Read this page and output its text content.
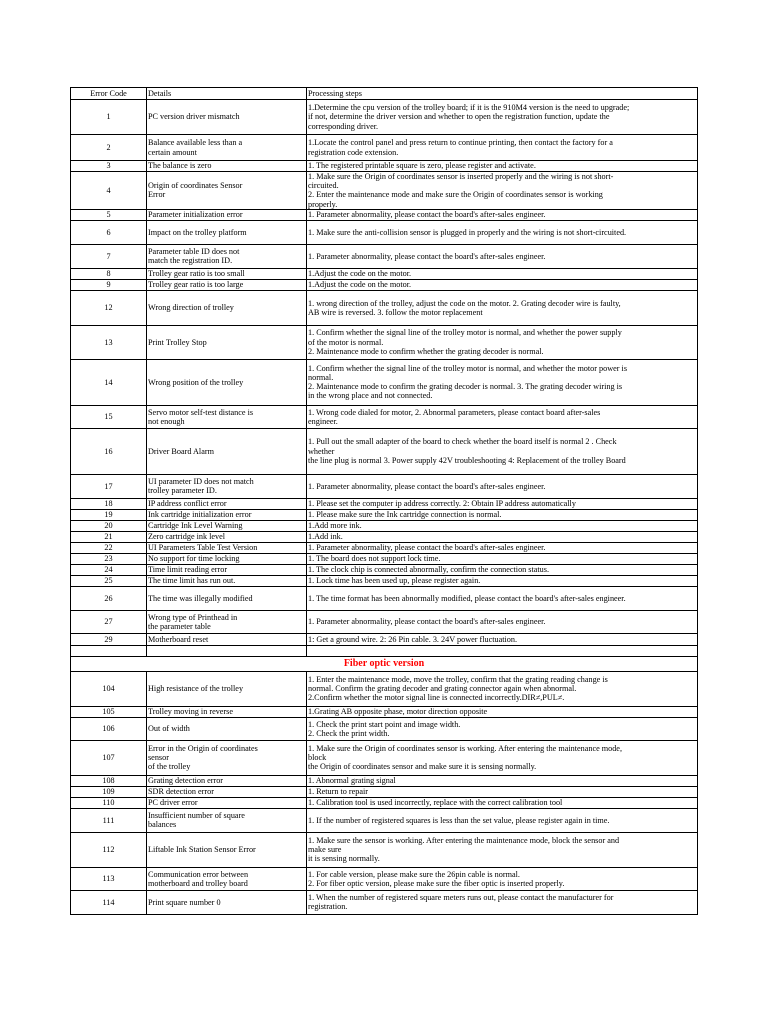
Error Code	Details	Processing steps
1	PC version driver mismatch	1.Determine the cpu version of the trolley board; if it is the 910M4 version is the need to upgrade;
if not, determine the driver version and whether to open the registration function, update the
corresponding driver.

2	Balance available less than a
certain amount	1.Locate the control panel and press return to continue printing, then contact the factory for a
registration code extension.

3	The balance is zero	1. The registered printable square is zero, please register and activate.

4	Origin of coordinates Sensor
Error	1. Make sure the Origin of coordinates sensor is inserted properly and the wiring is not short-
circuited.
2. Enter the maintenance mode and make sure the Origin of coordinates sensor is working
properly.

5	Parameter initialization error	1. Parameter abnormality, please contact the board's after-sales engineer.

6	Impact on the trolley platform	1. Make sure the anti-collision sensor is plugged in properly and the wiring is not short-circuited.

7	Parameter table ID does not
match the registration ID.	1. Parameter abnormality, please contact the board's after-sales engineer.

8	Trolley gear ratio is too small	1.Adjust the code on the motor.

9	Trolley gear ratio is too large	1.Adjust the code on the motor.

12	Wrong direction of trolley	1. wrong direction of the trolley, adjust the code on the motor. 2. Grating decoder wire is faulty,
AB wire is reversed. 3. follow the motor replacement

13	Print Trolley Stop	1. Confirm whether the signal line of the trolley motor is normal, and whether the power supply
of the motor is normal.
2. Maintenance mode to confirm whether the grating decoder is normal.

14	Wrong position of the trolley	1. Confirm whether the signal line of the trolley motor is normal, and whether the motor power is
normal.
2. Maintenance mode to confirm the grating decoder is normal. 3. The grating decoder wiring is
in the wrong place and not connected.

15	Servo motor self-test distance is
not enough	1. Wrong code dialed for motor, 2. Abnormal parameters, please contact board after-sales
engineer.

16	Driver Board Alarm	1. Pull out the small adapter of the board to check whether the board itself is normal 2 . Check
whether
the line plug is normal 3. Power supply 42V troubleshooting 4: Replacement of the trolley Board

17	UI parameter ID does not match
trolley parameter ID.	1. Parameter abnormality, please contact the board's after-sales engineer.

18	IP address conflict error	1. Please set the computer ip address correctly. 2: Obtain IP address automatically

19	Ink cartridge initialization error	1. Please make sure the Ink cartridge connection is normal.

20	Cartridge Ink Level Warning	1.Add more ink.

21	Zero cartridge ink level	1.Add ink.

22	UI Parameters Table Test Version	1. Parameter abnormality, please contact the board's after-sales engineer.

23	No support for time locking	1. The board does not support lock time.

24	Time limit reading error	1. The clock chip is connected abnormally, confirm the connection status.

25	The time limit has run out.	1. Lock time has been used up, please register again.

26	The time was illegally modified	1. The time format has been abnormally modified, please contact the board's after-sales engineer.

27	Wrong type of Printhead in
the parameter table	1. Parameter abnormality, please contact the board's after-sales engineer.

29	Motherboard reset	1: Get a ground wire. 2: 26 Pin cable. 3. 24V power fluctuation.

Fiber optic version		
104	High resistance of the trolley	1. Enter the maintenance mode, move the trolley, confirm that the grating reading change is
normal. Confirm the grating decoder and grating connector again when abnormal.
2.Confirm whether the motor signal line is connected incorrectly.DIR≠,PUL≠.

105	Trolley moving in reverse	1.Grating AB opposite phase, motor direction opposite

106	Out of width	1. Check the print start point and image width.
2. Check the print width.

107	Error in the Origin of coordinates
sensor
of the trolley	1. Make sure the Origin of coordinates sensor is working. After entering the maintenance mode,
block
the Origin of coordinates sensor and make sure it is sensing normally.

108	Grating detection error	1. Abnormal grating signal

109	SDR detection error	1. Return to repair

110	PC driver error	1. Calibration tool is used incorrectly, replace with the correct calibration tool

111	Insufficient number of square
balances	1. If the number of registered squares is less than the set value, please register again in time.

112	Liftable Ink Station Sensor Error	1. Make sure the sensor is working. After entering the maintenance mode, block the sensor and
make sure
it is sensing normally.

113	Communication error between
motherboard and trolley board	1. For cable version, please make sure the 26pin cable is normal.
2. For fiber optic version, please make sure the fiber optic is inserted properly.

114	Print square number 0	1. When the number of registered square meters runs out, please contact the manufacturer for
registration.
